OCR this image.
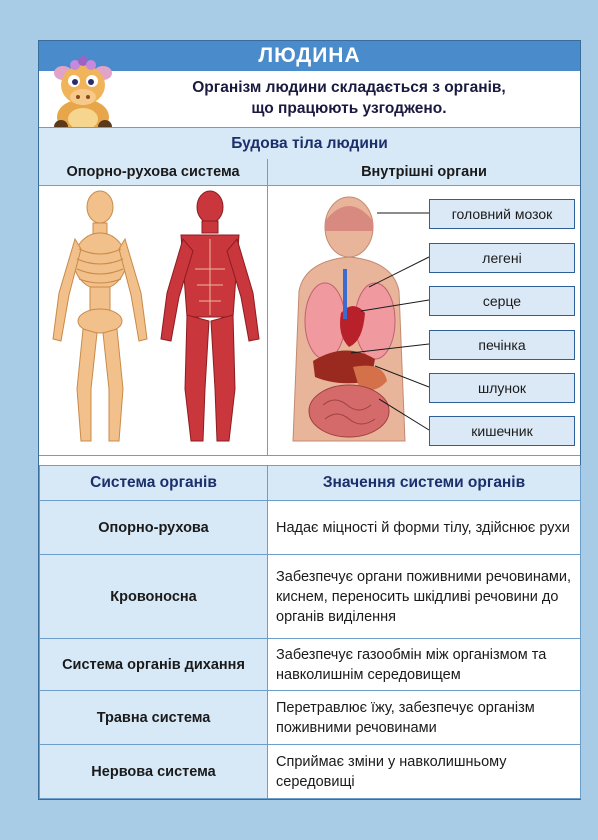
ЛЮДИНА
Організм людини складається з органів,
що працюють узгоджено.
Будова тіла людини
Опорно-рухова система	Внутрішні органи
головний мозок
легені
серце
печінка
шлунок
кишечник
Система органів	Значення системи органів
Опорно-рухова	Надає міцності й форми тілу, здійснює рухи
Кровоносна	Забезпечує органи поживними речовинами, киснем, переносить шкідливі речовини до органів виділення
Система органів дихання	Забезпечує газообмін між організмом та навколишнім середовищем
Травна система	Перетравлює їжу, забезпечує організм поживними речовинами
Нервова система	Сприймає зміни у навколишньому середовищі
